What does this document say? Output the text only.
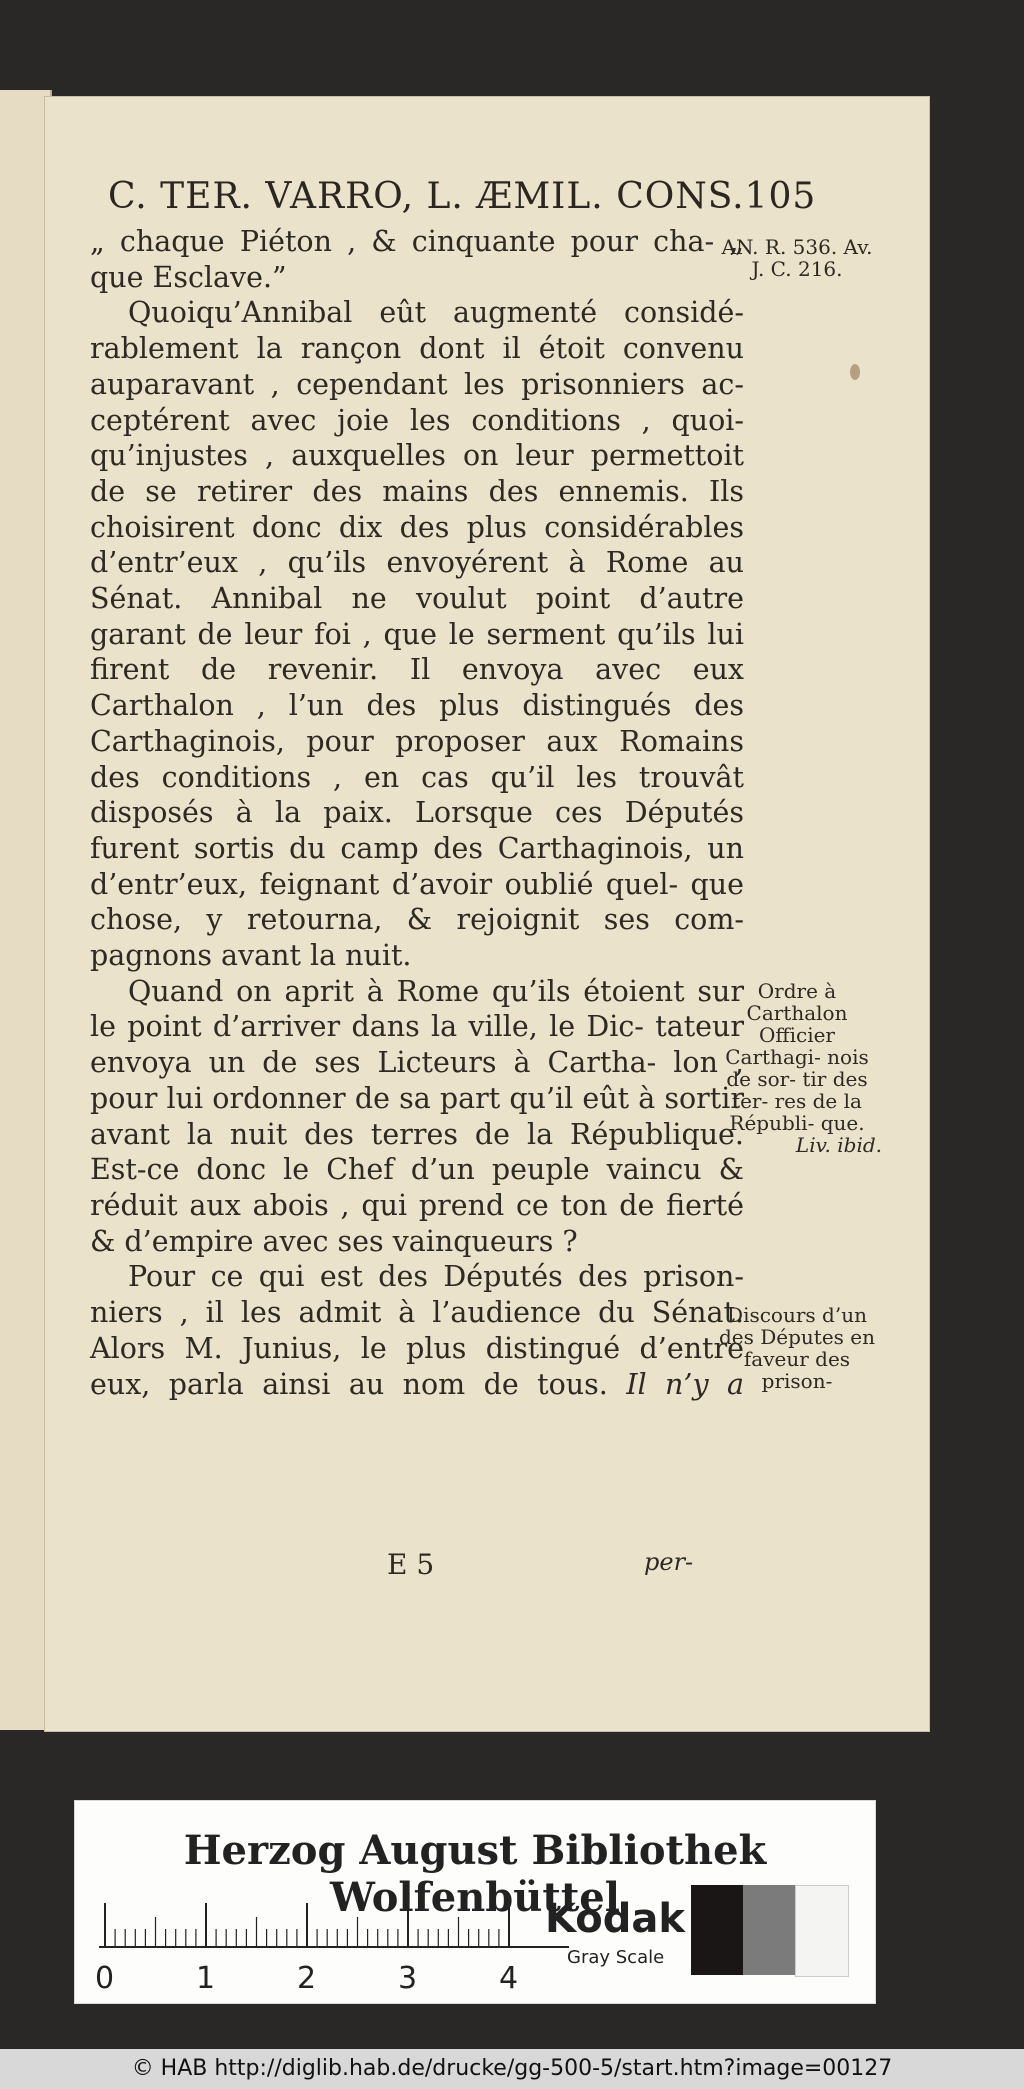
C. TER. VARRO, L. ÆMIL. CONS. 105

„ chaque Piéton , & cinquante pour cha- „ que Esclave.”

Quoiqu’Annibal eût augmenté considé- rablement la rançon dont il étoit convenu auparavant , cependant les prisonniers ac- ceptérent avec joie les conditions , quoi- qu’injustes , auxquelles on leur permettoit de se retirer des mains des ennemis. Ils choisirent donc dix des plus considérables d’entr’eux , qu’ils envoyérent à Rome au Sénat. Annibal ne voulut point d’autre garant de leur foi , que le serment qu’ils lui firent de revenir. Il envoya avec eux Carthalon , l’un des plus distingués des Carthaginois, pour proposer aux Romains des conditions , en cas qu’il les trouvât disposés à la paix. Lorsque ces Députés furent sortis du camp des Carthaginois, un d’entr’eux, feignant d’avoir oublié quel- que chose, y retourna, & rejoignit ses com- pagnons avant la nuit.

Quand on aprit à Rome qu’ils étoient sur le point d’arriver dans la ville, le Dic- tateur envoya un de ses Licteurs à Cartha- lon , pour lui ordonner de sa part qu’il eût à sortir avant la nuit des terres de la République. Est-ce donc le Chef d’un peuple vaincu & réduit aux abois , qui prend ce ton de fierté & d’empire avec ses vainqueurs ?

Pour ce qui est des Députés des prison- niers , il les admit à l’audience du Sénat. Alors M. Junius, le plus distingué d’entre eux, parla ainsi au nom de tous. Il n’y a

AN. R. 536. Av. J. C. 216.
Ordre à Carthalon Officier Carthagi- nois de sor- tir des ter- res de la Républi- que.
Liv. ibid.
Discours d’un des Députes en faveur des prison-
E 5	per-
Herzog August Bibliothek Wolfenbüttel
0	1	2	3	4
Kodak
Gray Scale
© HAB http://diglib.hab.de/drucke/gg-500-5/start.htm?image=00127
